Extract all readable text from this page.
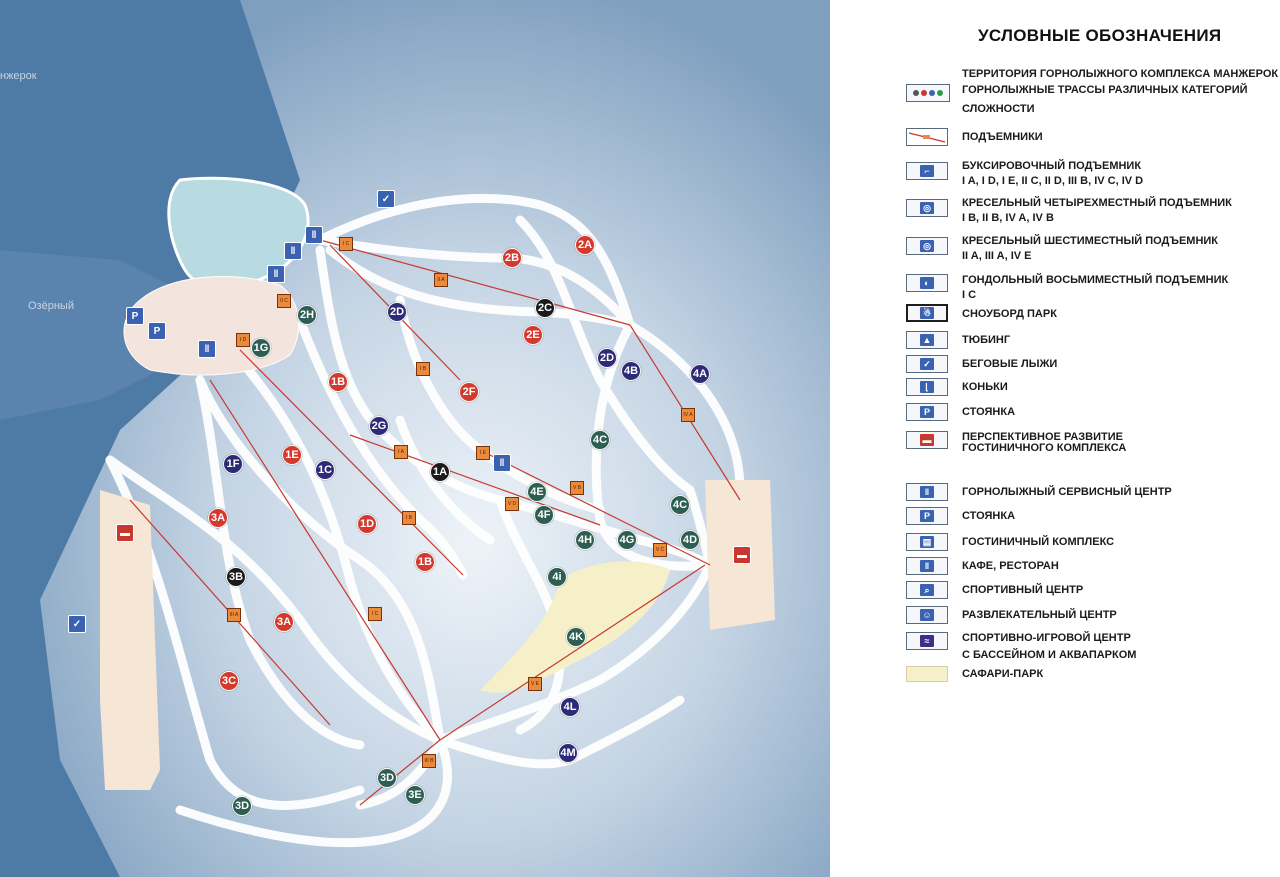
нжерок
Озёрный
P
P
‖
‖
‖
‖
‖
✓
✓
▬
▬
2A
2B
2C
2D
2E
2H
1G
1B
2F
2D
4B	4A
2G
4C
1F
1E
1C	1A
4E
4F
4C
3A	1D
4H	4G	4D
1B
3B	4i
3A
4K
3C
4L
4M
3D
3E
3D
I C
II A
II C
I B
I A	I E
V D
V B
V C
I B
I C
III A
V E
III B
IV A
I D
УСЛОВНЫЕ ОБОЗНАЧЕНИЯ
ТЕРРИТОРИЯ ГОРНОЛЫЖНОГО КОМПЛЕКСА МАНЖЕРОК
ГОРНОЛЫЖНЫЕ ТРАССЫ РАЗЛИЧНЫХ КАТЕГОРИЙ
СЛОЖНОСТИ
ПОДЪЕМНИКИ
⌐	БУКСИРОВОЧНЫЙ ПОДЪЕМНИК
I A, I D, I E, II C, II D, III B, IV C, IV D
◎	КРЕСЕЛЬНЫЙ ЧЕТЫРЕХМЕСТНЫЙ ПОДЪЕМНИК
I B, II B, IV A, IV B
◎	КРЕСЕЛЬНЫЙ ШЕСТИМЕСТНЫЙ ПОДЪЕМНИК
II A, III A, IV E
◐	ГОНДОЛЬНЫЙ ВОСЬМИМЕСТНЫЙ ПОДЪЕМНИК
I C
☃	СНОУБОРД ПАРК
▲	ТЮБИНГ
✓	БЕГОВЫЕ ЛЫЖИ
⌊	КОНЬКИ
P	СТОЯНКА
▬	ПЕРСПЕКТИВНОЕ РАЗВИТИЕ
ГОСТИНИЧНОГО КОМПЛЕКСА
‖	ГОРНОЛЫЖНЫЙ СЕРВИСНЫЙ ЦЕНТР
P	СТОЯНКА
▤	ГОСТИНИЧНЫЙ КОМПЛЕКС
‖	КАФЕ, РЕСТОРАН
⌕	СПОРТИВНЫЙ ЦЕНТР
☺	РАЗВЛЕКАТЕЛЬНЫЙ ЦЕНТР
≈	СПОРТИВНО-ИГРОВОЙ ЦЕНТР
С БАССЕЙНОМ И АКВАПАРКОМ
САФАРИ-ПАРК
